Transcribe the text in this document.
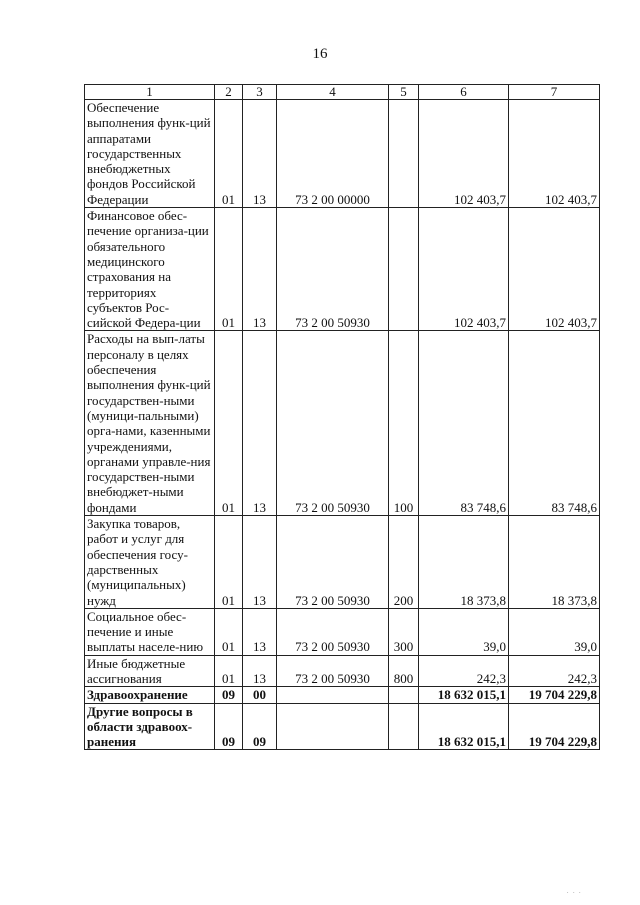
16
1	2	3	4	5	6	7
Обеспечение выполнения функ-ций аппаратами государственных внебюджетных фондов Российской Федерации	01	13	73 2 00 00000		102 403,7	102 403,7
Финансовое обес-печение организа-ции обязательного медицинского страхования на территориях субъектов Рос-сийской Федера-ции	01	13	73 2 00 50930		102 403,7	102 403,7
Расходы на вып-латы персоналу в целях обеспечения выполнения функ-ций государствен-ными (муници-пальными) орга-нами, казенными учреждениями, органами управле-ния государствен-ными внебюджет-ными фондами	01	13	73 2 00 50930	100	83 748,6	83 748,6
Закупка товаров, работ и услуг для обеспечения госу-дарственных (муниципальных) нужд	01	13	73 2 00 50930	200	18 373,8	18 373,8
Социальное обес-печение и иные выплаты населе-нию	01	13	73 2 00 50930	300	39,0	39,0
Иные бюджетные ассигнования	01	13	73 2 00 50930	800	242,3	242,3
Здравоохранение	09	00			18 632 015,1	19 704 229,8
Другие вопросы в области здравоох-ранения	09	09			18 632 015,1	19 704 229,8
· · ·
